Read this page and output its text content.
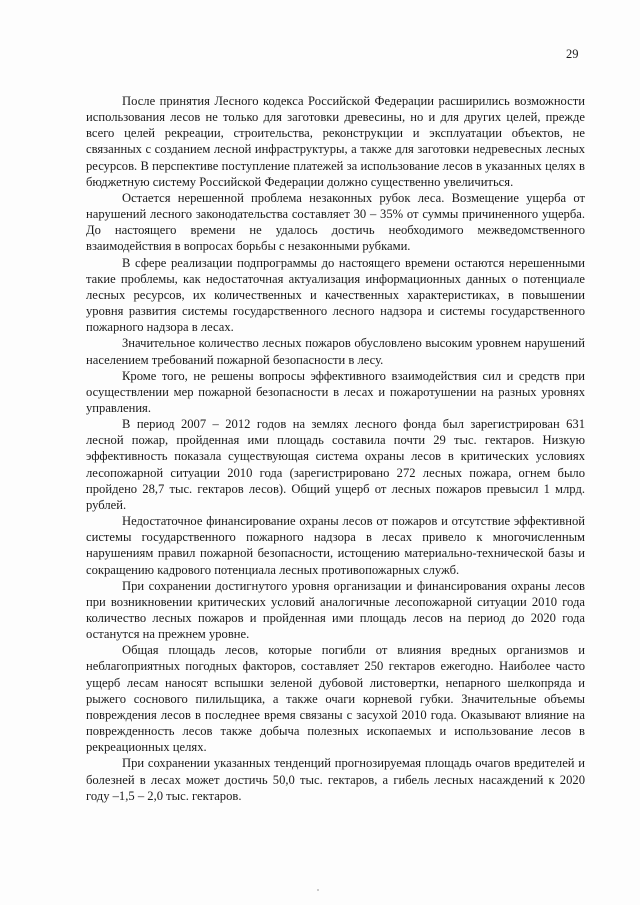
29

После принятия Лесного кодекса Российской Федерации расширились возможности использования лесов не только для заготовки древесины, но и для других целей, прежде всего целей рекреации, строительства, реконструкции и эксплуатации объектов, не связанных с созданием лесной инфраструктуры, а также для заготовки недревесных лесных ресурсов. В перспективе поступление платежей за использование лесов в указанных целях в бюджетную систему Российской Федерации должно существенно увеличиться.

Остается нерешенной проблема незаконных рубок леса. Возмещение ущерба от нарушений лесного законодательства составляет 30 – 35% от суммы причиненного ущерба. До настоящего времени не удалось достичь необходимого межведомственного взаимодействия в вопросах борьбы с незаконными рубками.

В сфере реализации подпрограммы до настоящего времени остаются нерешенными такие проблемы, как недостаточная актуализация информационных данных о потенциале лесных ресурсов, их количественных и качественных характеристиках, в повышении уровня развития системы государственного лесного надзора и системы государственного пожарного надзора в лесах.

Значительное количество лесных пожаров обусловлено высоким уровнем нарушений населением требований пожарной безопасности в лесу.

Кроме того, не решены вопросы эффективного взаимодействия сил и средств при осуществлении мер пожарной безопасности в лесах и пожаротушении на разных уровнях управления.

В период 2007 – 2012 годов на землях лесного фонда был зарегистрирован 631 лесной пожар, пройденная ими площадь составила почти 29 тыс. гектаров. Низкую эффективность показала существующая система охраны лесов в критических условиях лесопожарной ситуации 2010 года (зарегистрировано 272 лесных пожара, огнем было пройдено 28,7 тыс. гектаров лесов). Общий ущерб от лесных пожаров превысил 1 млрд. рублей.

Недостаточное финансирование охраны лесов от пожаров и отсутствие эффективной системы государственного пожарного надзора в лесах привело к многочисленным нарушениям правил пожарной безопасности, истощению материально-технической базы и сокращению кадрового потенциала лесных противопожарных служб.

При сохранении достигнутого уровня организации и финансирования охраны лесов при возникновении критических условий аналогичные лесопожарной ситуации 2010 года количество лесных пожаров и пройденная ими площадь лесов на период до 2020 года останутся на прежнем уровне.

Общая площадь лесов, которые погибли от влияния вредных организмов и неблагоприятных погодных факторов, составляет 250 гектаров ежегодно. Наиболее часто ущерб лесам наносят вспышки зеленой дубовой листовертки, непарного шелкопряда и рыжего соснового пилильщика, а также очаги корневой губки. Значительные объемы повреждения лесов в последнее время связаны с засухой 2010 года. Оказывают влияние на поврежденность лесов также добыча полезных ископаемых и использование лесов в рекреационных целях.

При сохранении указанных тенденций прогнозируемая площадь очагов вредителей и болезней в лесах может достичь 50,0 тыс. гектаров, а гибель лесных насаждений к 2020 году –1,5 – 2,0 тыс. гектаров.
